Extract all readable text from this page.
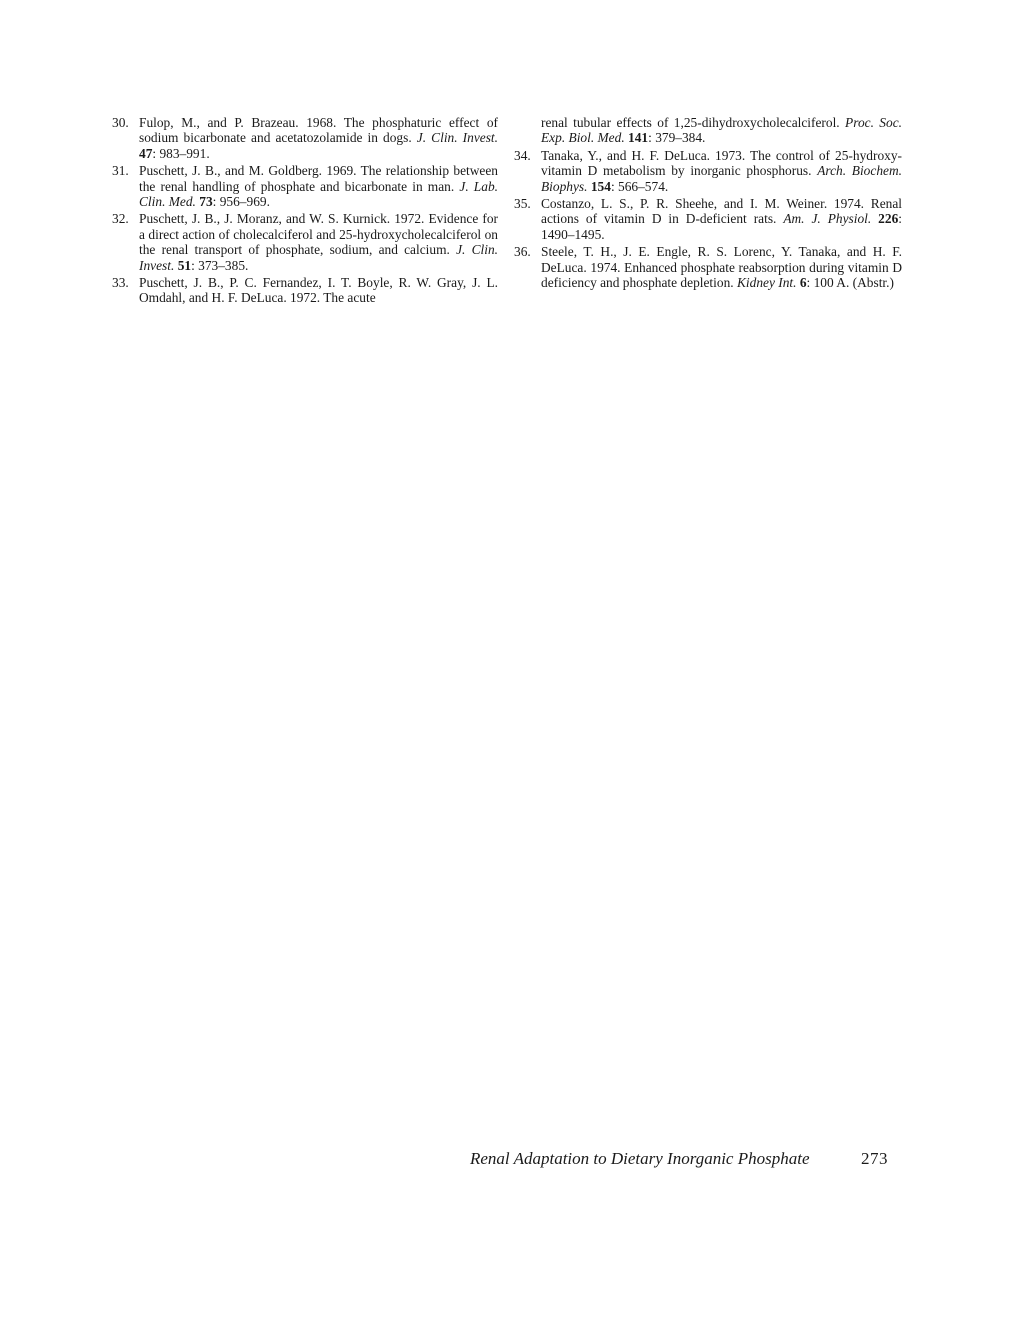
30. Fulop, M., and P. Brazeau. 1968. The phosphaturic effect of sodium bicarbonate and acetatozolamide in dogs. J. Clin. Invest. 47: 983–991.

31. Puschett, J. B., and M. Goldberg. 1969. The relationship between the renal handling of phosphate and bicarbonate in man. J. Lab. Clin. Med. 73: 956–969.

32. Puschett, J. B., J. Moranz, and W. S. Kurnick. 1972. Evidence for a direct action of cholecalciferol and 25-hydroxycholecalciferol on the renal transport of phosphate, sodium, and calcium. J. Clin. Invest. 51: 373–385.

33. Puschett, J. B., P. C. Fernandez, I. T. Boyle, R. W. Gray, J. L. Omdahl, and H. F. DeLuca. 1972. The acute

renal tubular effects of 1,25-dihydroxycholecalciferol. Proc. Soc. Exp. Biol. Med. 141: 379–384.

34. Tanaka, Y., and H. F. DeLuca. 1973. The control of 25-hydroxy-vitamin D metabolism by inorganic phosphorus. Arch. Biochem. Biophys. 154: 566–574.

35. Costanzo, L. S., P. R. Sheehe, and I. M. Weiner. 1974. Renal actions of vitamin D in D-deficient rats. Am. J. Physiol. 226: 1490–1495.

36. Steele, T. H., J. E. Engle, R. S. Lorenc, Y. Tanaka, and H. F. DeLuca. 1974. Enhanced phosphate reabsorption during vitamin D deficiency and phosphate depletion. Kidney Int. 6: 100 A. (Abstr.)

Renal Adaptation to Dietary Inorganic Phosphate	273
